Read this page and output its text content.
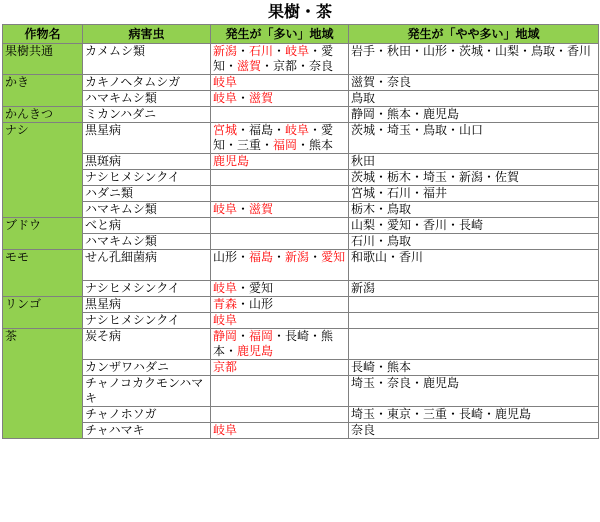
果樹・茶
作物名	病害虫	発生が「多い」地域	発生が「やや多い」地域
果樹共通	カメムシ類	新潟・石川・岐阜・愛知・滋賀・京都・奈良	岩手・秋田・山形・茨城・山梨・鳥取・香川
かき	カキノヘタムシガ	岐阜	滋賀・奈良
	ハマキムシ類	岐阜・滋賀	鳥取
かんきつ	ミカンハダニ		静岡・熊本・鹿児島
ナシ	黒星病	宮城・福島・岐阜・愛知・三重・福岡・熊本	茨城・埼玉・鳥取・山口
	黒斑病	鹿児島	秋田
	ナシヒメシンクイ		茨城・栃木・埼玉・新潟・佐賀
	ハダニ類		宮城・石川・福井
	ハマキムシ類	岐阜・滋賀	栃木・鳥取
ブドウ	べと病		山梨・愛知・香川・長崎
	ハマキムシ類		石川・鳥取
モモ	せん孔細菌病	山形・福島・新潟・愛知	和歌山・香川
	ナシヒメシンクイ	岐阜・愛知	新潟
リンゴ	黒星病	青森・山形	
	ナシヒメシンクイ	岐阜	
茶	炭そ病	静岡・福岡・長崎・熊本・鹿児島	
	カンザワハダニ	京都	長崎・熊本
	チャノコカクモンハマキ		埼玉・奈良・鹿児島
	チャノホソガ		埼玉・東京・三重・長崎・鹿児島
	チャハマキ	岐阜	奈良
